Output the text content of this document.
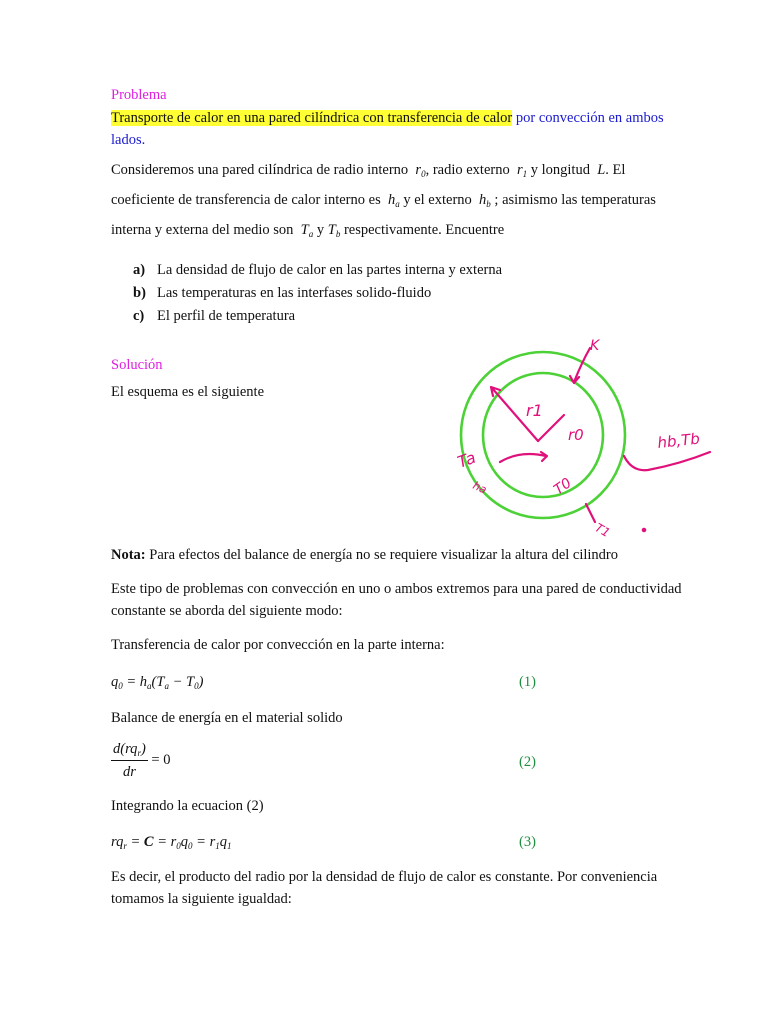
Problema
Transporte de calor en una pared cilíndrica con transferencia de calor por convección en ambos lados.
Consideremos una pared cilíndrica de radio interno  $r_0$, radio externo  $r_1$ y longitud  L. El
coeficiente de transferencia de calor interno es  $h_a$ y el externo  $h_b$ ; asimismo las temperaturas
interna y externa del medio son  $T_a$ y $T_b$ respectivamente. Encuentre
a) La densidad de flujo de calor en las partes interna y externa
b) Las temperaturas en las interfases solido-fluido
c) El perfil de temperatura
Solución
El esquema es el siguiente
K
r1
r0
Ta
ha	T0
T1
hb,Tb
Nota: Para efectos del balance de energía no se requiere visualizar la altura del cilindro
Este tipo de problemas con convección en uno o ambos extremos para una pared de conductividad constante se aborda del siguiente modo:
Transferencia de calor por convección en la parte interna:
$q_0 = h_a(T_a - T_0)$	(1)
Balance de energía en el material solido
$\frac{d(rq_r)}{dr} = 0$	(2)
Integrando la ecuacion (2)
$rq_r = C = r_0q_0 = r_1q_1$	(3)
Es decir, el producto del radio por la densidad de flujo de calor es constante. Por conveniencia tomamos la siguiente igualdad:
